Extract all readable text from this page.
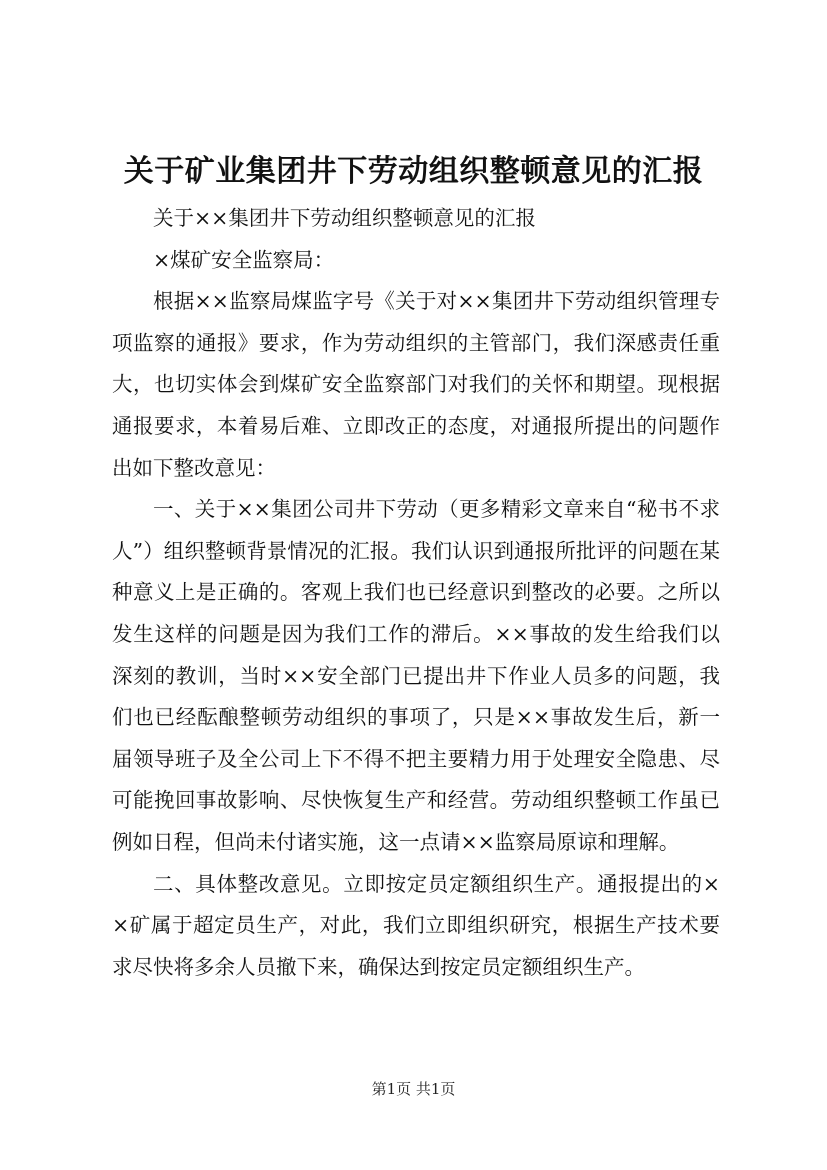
关于矿业集团井下劳动组织整顿意见的汇报

关于××集团井下劳动组织整顿意见的汇报

×煤矿安全监察局：

根据××监察局煤监字号《关于对××集团井下劳动组织管理专项监察的通报》要求，作为劳动组织的主管部门，我们深感责任重大，也切实体会到煤矿安全监察部门对我们的关怀和期望。现根据通报要求，本着易后难、立即改正的态度，对通报所提出的问题作出如下整改意见：

一、关于××集团公司井下劳动（更多精彩文章来自“秘书不求人”）组织整顿背景情况的汇报。我们认识到通报所批评的问题在某种意义上是正确的。客观上我们也已经意识到整改的必要。之所以发生这样的问题是因为我们工作的滞后。××事故的发生给我们以深刻的教训，当时××安全部门已提出井下作业人员多的问题，我们也已经酝酿整顿劳动组织的事项了，只是××事故发生后，新一届领导班子及全公司上下不得不把主要精力用于处理安全隐患、尽可能挽回事故影响、尽快恢复生产和经营。劳动组织整顿工作虽已例如日程，但尚未付诸实施，这一点请××监察局原谅和理解。

二、具体整改意见。立即按定员定额组织生产。通报提出的××矿属于超定员生产，对此，我们立即组织研究，根据生产技术要求尽快将多余人员撤下来，确保达到按定员定额组织生产。

第1页 共1页
